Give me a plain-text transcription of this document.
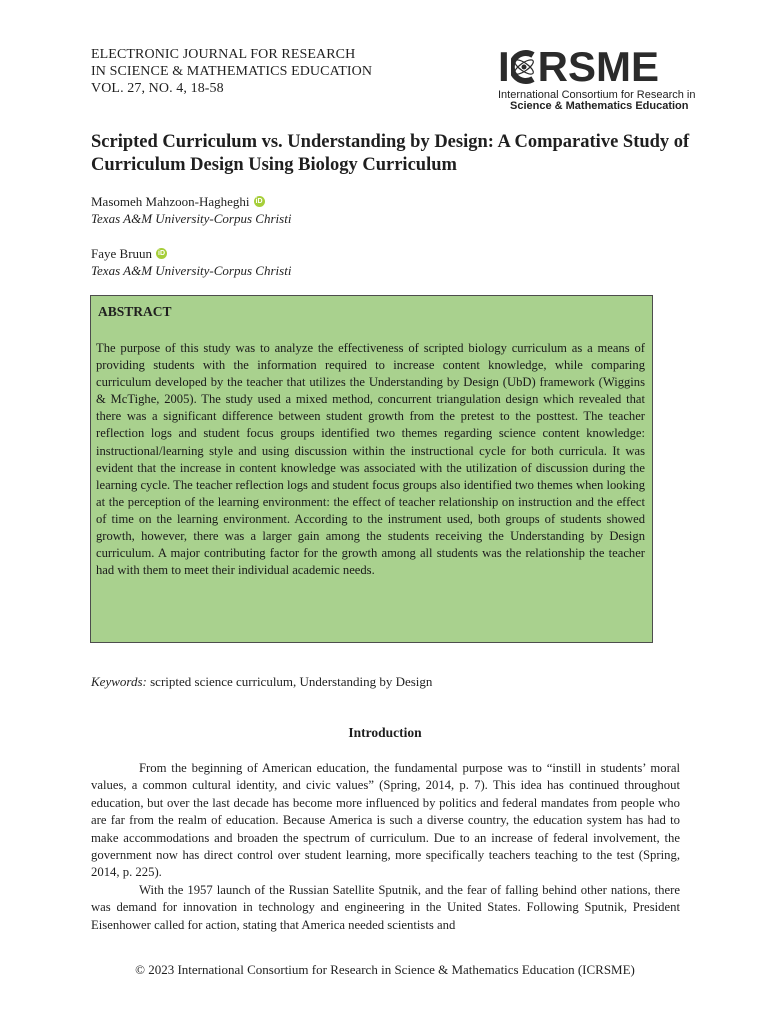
ELECTRONIC JOURNAL FOR RESEARCH
IN SCIENCE & MATHEMATICS EDUCATION
VOL. 27, NO. 4, 18-58	I RSME
International Consortium for Research in
Science & Mathematics Education
Scripted Curriculum vs. Understanding by Design: A Comparative Study of Curriculum Design Using Biology Curriculum
Masomeh Mahzoon-Hagheghi iD
Texas A&M University-Corpus Christi
Faye Bruun iD
Texas A&M University-Corpus Christi
ABSTRACT
The purpose of this study was to analyze the effectiveness of scripted biology curriculum as a means of providing students with the information required to increase content knowledge, while comparing curriculum developed by the teacher that utilizes the Understanding by Design (UbD) framework (Wiggins & McTighe, 2005). The study used a mixed method, concurrent triangulation design which revealed that there was a significant difference between student growth from the pretest to the posttest. The teacher reflection logs and student focus groups identified two themes regarding science content knowledge: instructional/learning style and using discussion within the instructional cycle for both curricula. It was evident that the increase in content knowledge was associated with the utilization of discussion during the learning cycle. The teacher reflection logs and student focus groups also identified two themes when looking at the perception of the learning environment: the effect of teacher relationship on instruction and the effect of time on the learning environment. According to the instrument used, both groups of students showed growth, however, there was a larger gain among the students receiving the Understanding by Design curriculum. A major contributing factor for the growth among all students was the relationship the teacher had with them to meet their individual academic needs.
Keywords: scripted science curriculum, Understanding by Design
Introduction

From the beginning of American education, the fundamental purpose was to “instill in students’ moral values, a common cultural identity, and civic values” (Spring, 2014, p. 7). This idea has continued throughout education, but over the last decade has become more influenced by politics and federal mandates from people who are far from the realm of education. Because America is such a diverse country, the education system has had to make accommodations and broaden the spectrum of curriculum. Due to an increase of federal involvement, the government now has direct control over student learning, more specifically teachers teaching to the test (Spring, 2014, p. 225).

With the 1957 launch of the Russian Satellite Sputnik, and the fear of falling behind other nations, there was demand for innovation in technology and engineering in the United States. Following Sputnik, President Eisenhower called for action, stating that America needed scientists and

© 2023 International Consortium for Research in Science & Mathematics Education (ICRSME)
